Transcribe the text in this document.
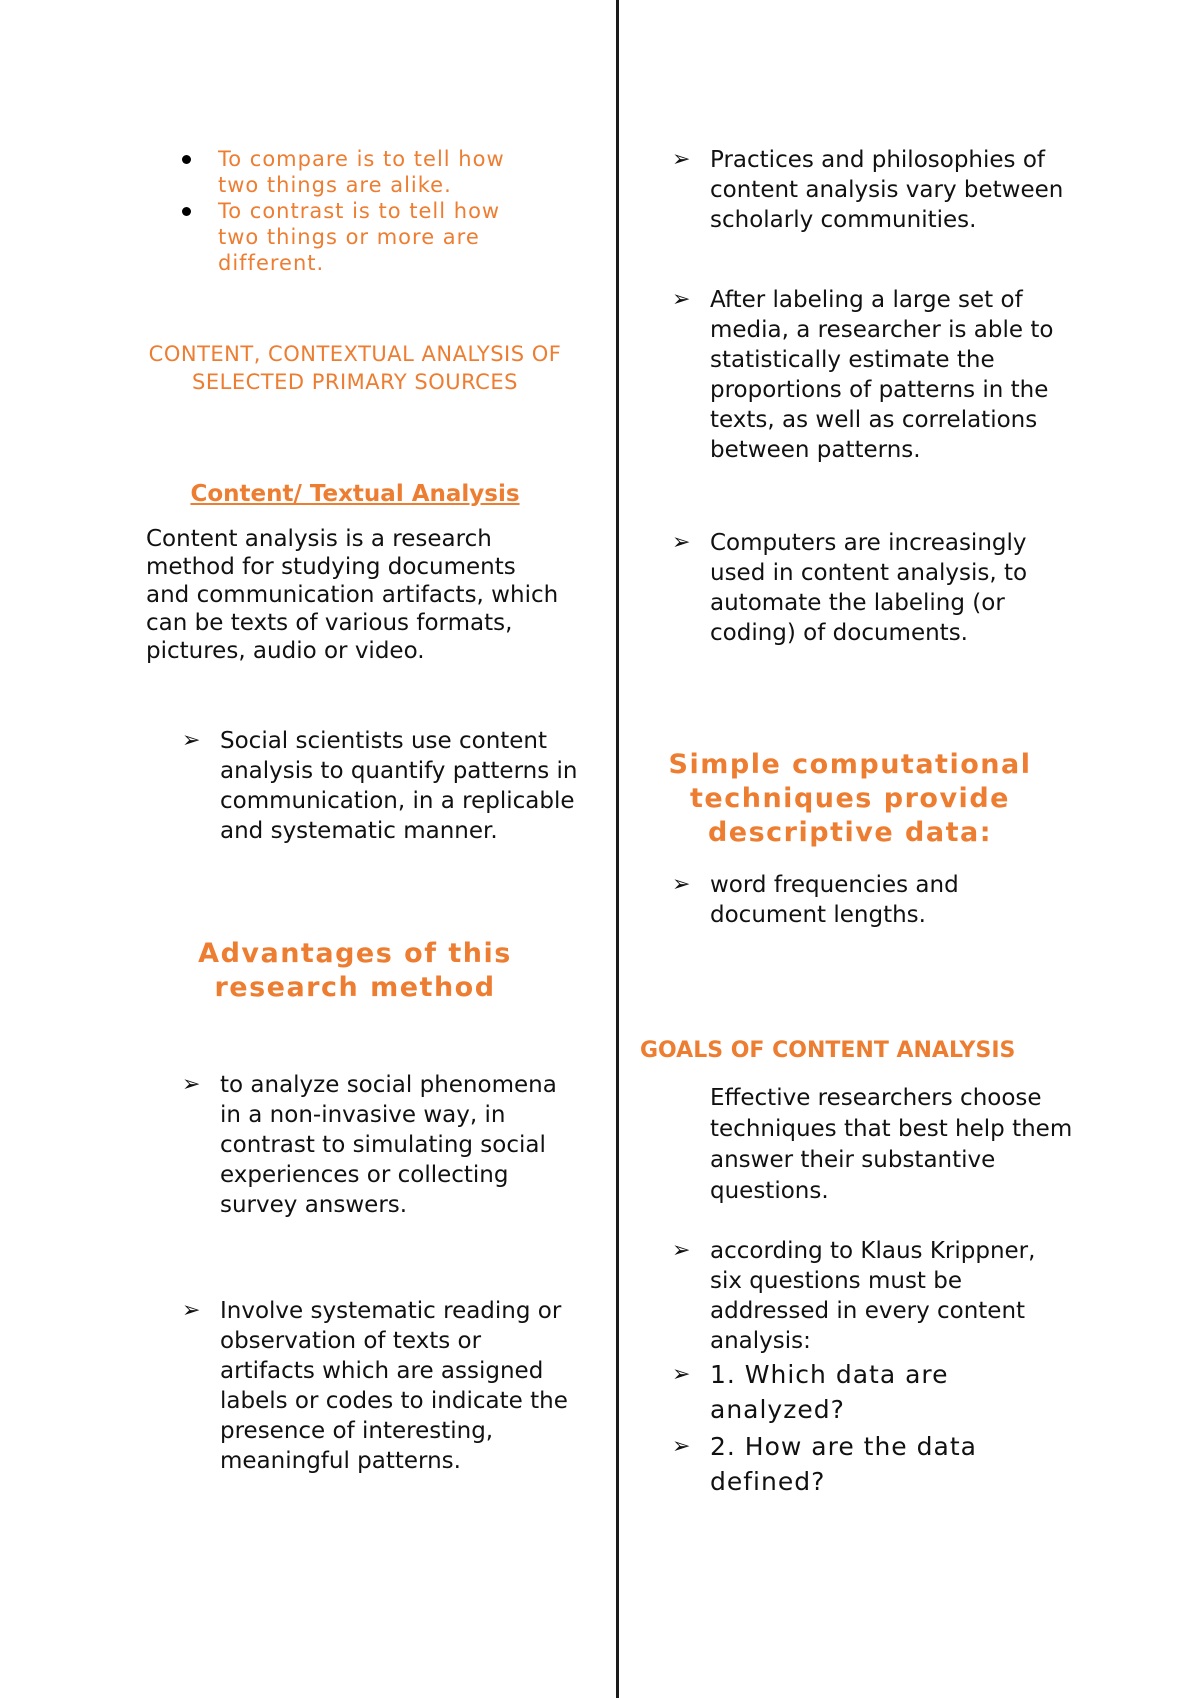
To compare is to tell how two things are alike.
To contrast is to tell how two things or more are different.
CONTENT, CONTEXTUAL ANALYSIS OF SELECTED PRIMARY SOURCES
Content/ Textual Analysis
Content analysis is a research method for studying documents and communication artifacts, which can be texts of various formats, pictures, audio or video.
➢ Social scientists use content analysis to quantify patterns in communication, in a replicable and systematic manner.
Advantages of this research method
➢ to analyze social phenomena in a non-invasive way, in contrast to simulating social experiences or collecting survey answers.
➢ Involve systematic reading or observation of texts or artifacts which are assigned labels or codes to indicate the presence of interesting, meaningful patterns.
➢ Practices and philosophies of content analysis vary between scholarly communities.
➢ After labeling a large set of media, a researcher is able to statistically estimate the proportions of patterns in the texts, as well as correlations between patterns.
➢ Computers are increasingly used in content analysis, to automate the labeling (or coding) of documents.
Simple computational techniques provide descriptive data:
➢ word frequencies and document lengths.
GOALS OF CONTENT ANALYSIS
Effective researchers choose techniques that best help them answer their substantive questions.
➢ according to Klaus Krippner, six questions must be addressed in every content analysis:
➢ 1. Which data are analyzed?
➢ 2. How are the data defined?
